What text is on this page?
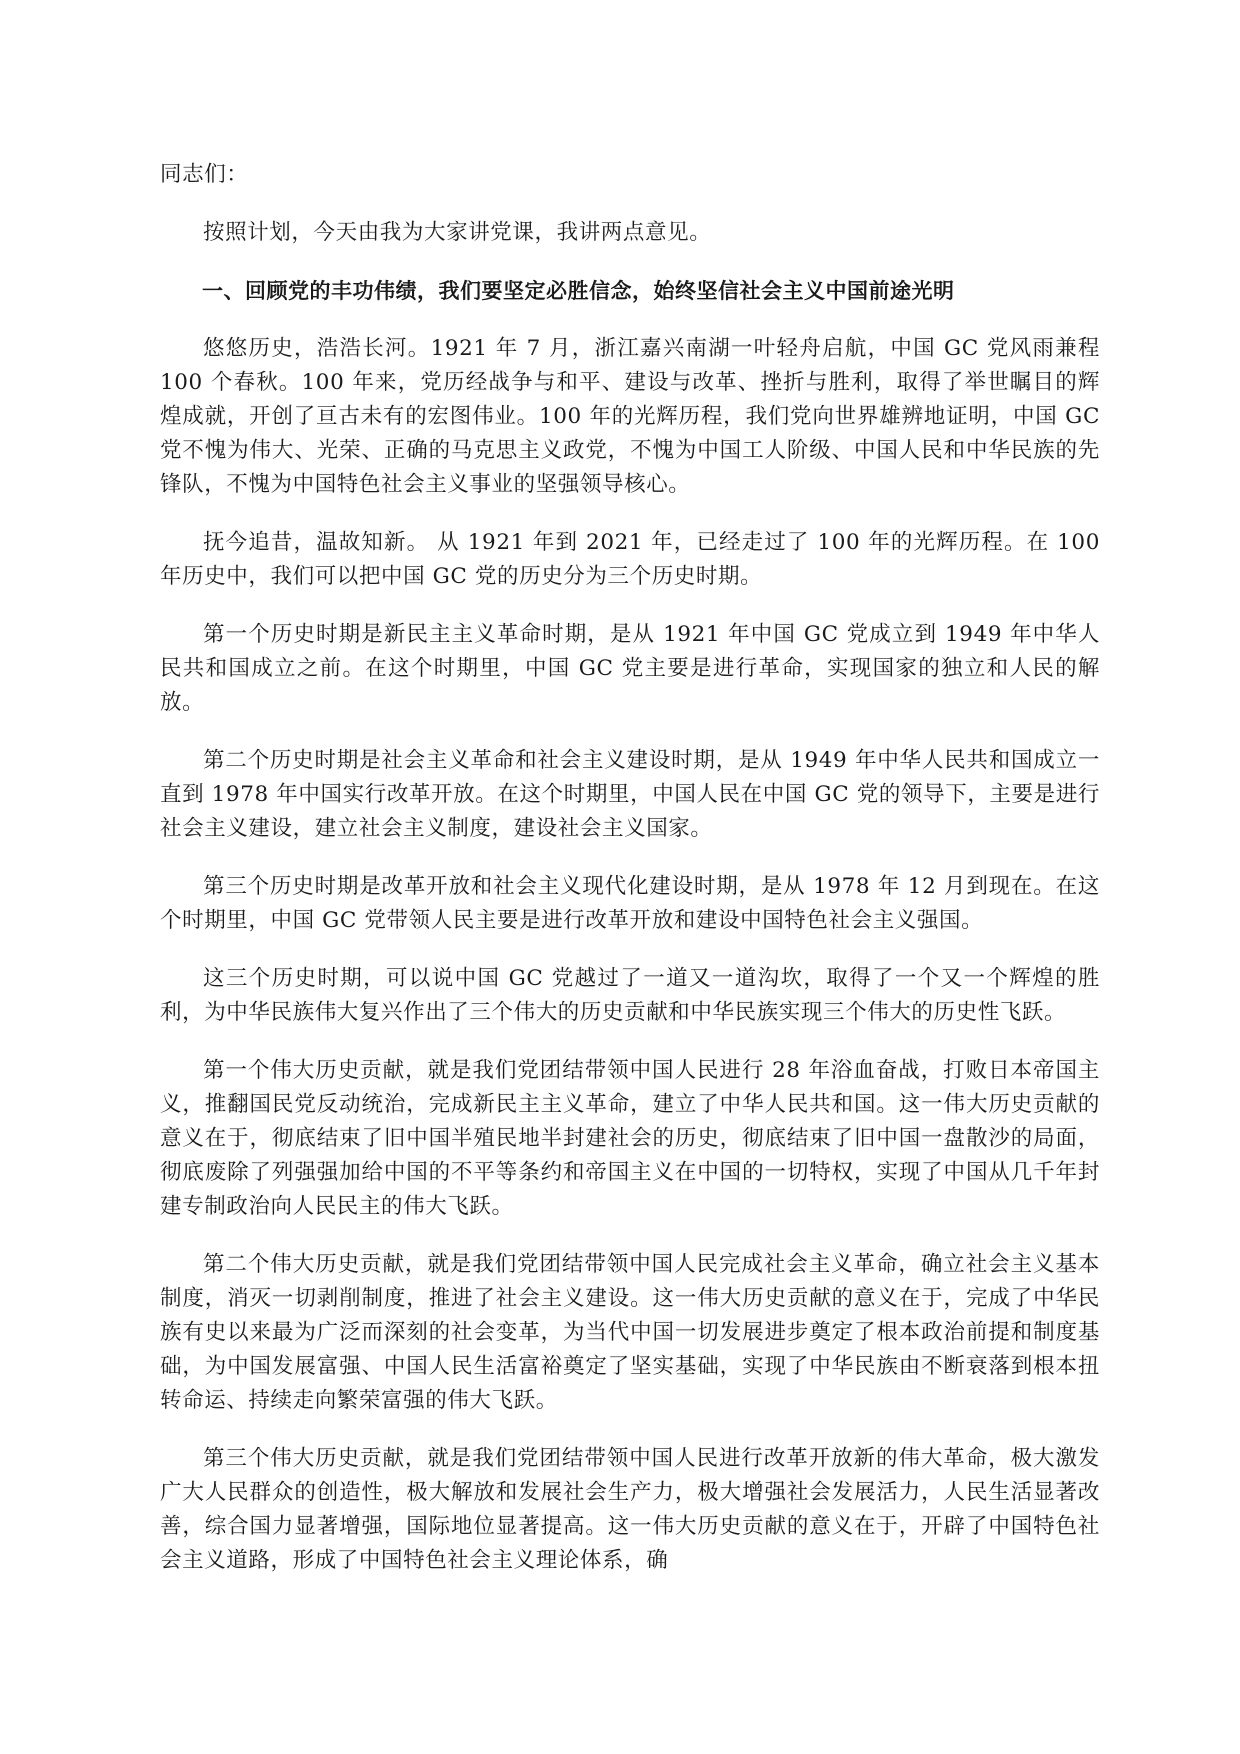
同志们：

按照计划，今天由我为大家讲党课，我讲两点意见。

一、回顾党的丰功伟绩，我们要坚定必胜信念，始终坚信社会主义中国前途光明

悠悠历史，浩浩长河。1921 年 7 月，浙江嘉兴南湖一叶轻舟启航，中国 GC 党风雨兼程 100 个春秋。100 年来，党历经战争与和平、建设与改革、挫折与胜利，取得了举世瞩目的辉煌成就，开创了亘古未有的宏图伟业。100 年的光辉历程，我们党向世界雄辨地证明，中国 GC 党不愧为伟大、光荣、正确的马克思主义政党，不愧为中国工人阶级、中国人民和中华民族的先锋队，不愧为中国特色社会主义事业的坚强领导核心。

抚今追昔，温故知新。 从 1921 年到 2021 年，已经走过了 100 年的光辉历程。在 100 年历史中，我们可以把中国 GC 党的历史分为三个历史时期。

第一个历史时期是新民主主义革命时期，是从 1921 年中国 GC 党成立到 1949 年中华人民共和国成立之前。在这个时期里，中国 GC 党主要是进行革命，实现国家的独立和人民的解放。

第二个历史时期是社会主义革命和社会主义建设时期，是从 1949 年中华人民共和国成立一直到 1978 年中国实行改革开放。在这个时期里，中国人民在中国 GC 党的领导下，主要是进行社会主义建设，建立社会主义制度，建设社会主义国家。

第三个历史时期是改革开放和社会主义现代化建设时期，是从 1978 年 12 月到现在。在这个时期里，中国 GC 党带领人民主要是进行改革开放和建设中国特色社会主义强国。

这三个历史时期，可以说中国 GC 党越过了一道又一道沟坎，取得了一个又一个辉煌的胜利，为中华民族伟大复兴作出了三个伟大的历史贡献和中华民族实现三个伟大的历史性飞跃。

第一个伟大历史贡献，就是我们党团结带领中国人民进行 28 年浴血奋战，打败日本帝国主义，推翻国民党反动统治，完成新民主主义革命，建立了中华人民共和国。这一伟大历史贡献的意义在于，彻底结束了旧中国半殖民地半封建社会的历史，彻底结束了旧中国一盘散沙的局面，彻底废除了列强强加给中国的不平等条约和帝国主义在中国的一切特权，实现了中国从几千年封建专制政治向人民民主的伟大飞跃。

第二个伟大历史贡献，就是我们党团结带领中国人民完成社会主义革命，确立社会主义基本制度，消灭一切剥削制度，推进了社会主义建设。这一伟大历史贡献的意义在于，完成了中华民族有史以来最为广泛而深刻的社会变革，为当代中国一切发展进步奠定了根本政治前提和制度基础，为中国发展富强、中国人民生活富裕奠定了坚实基础，实现了中华民族由不断衰落到根本扭转命运、持续走向繁荣富强的伟大飞跃。

第三个伟大历史贡献，就是我们党团结带领中国人民进行改革开放新的伟大革命，极大激发广大人民群众的创造性，极大解放和发展社会生产力，极大增强社会发展活力，人民生活显著改善，综合国力显著增强，国际地位显著提高。这一伟大历史贡献的意义在于，开辟了中国特色社会主义道路，形成了中国特色社会主义理论体系，确
